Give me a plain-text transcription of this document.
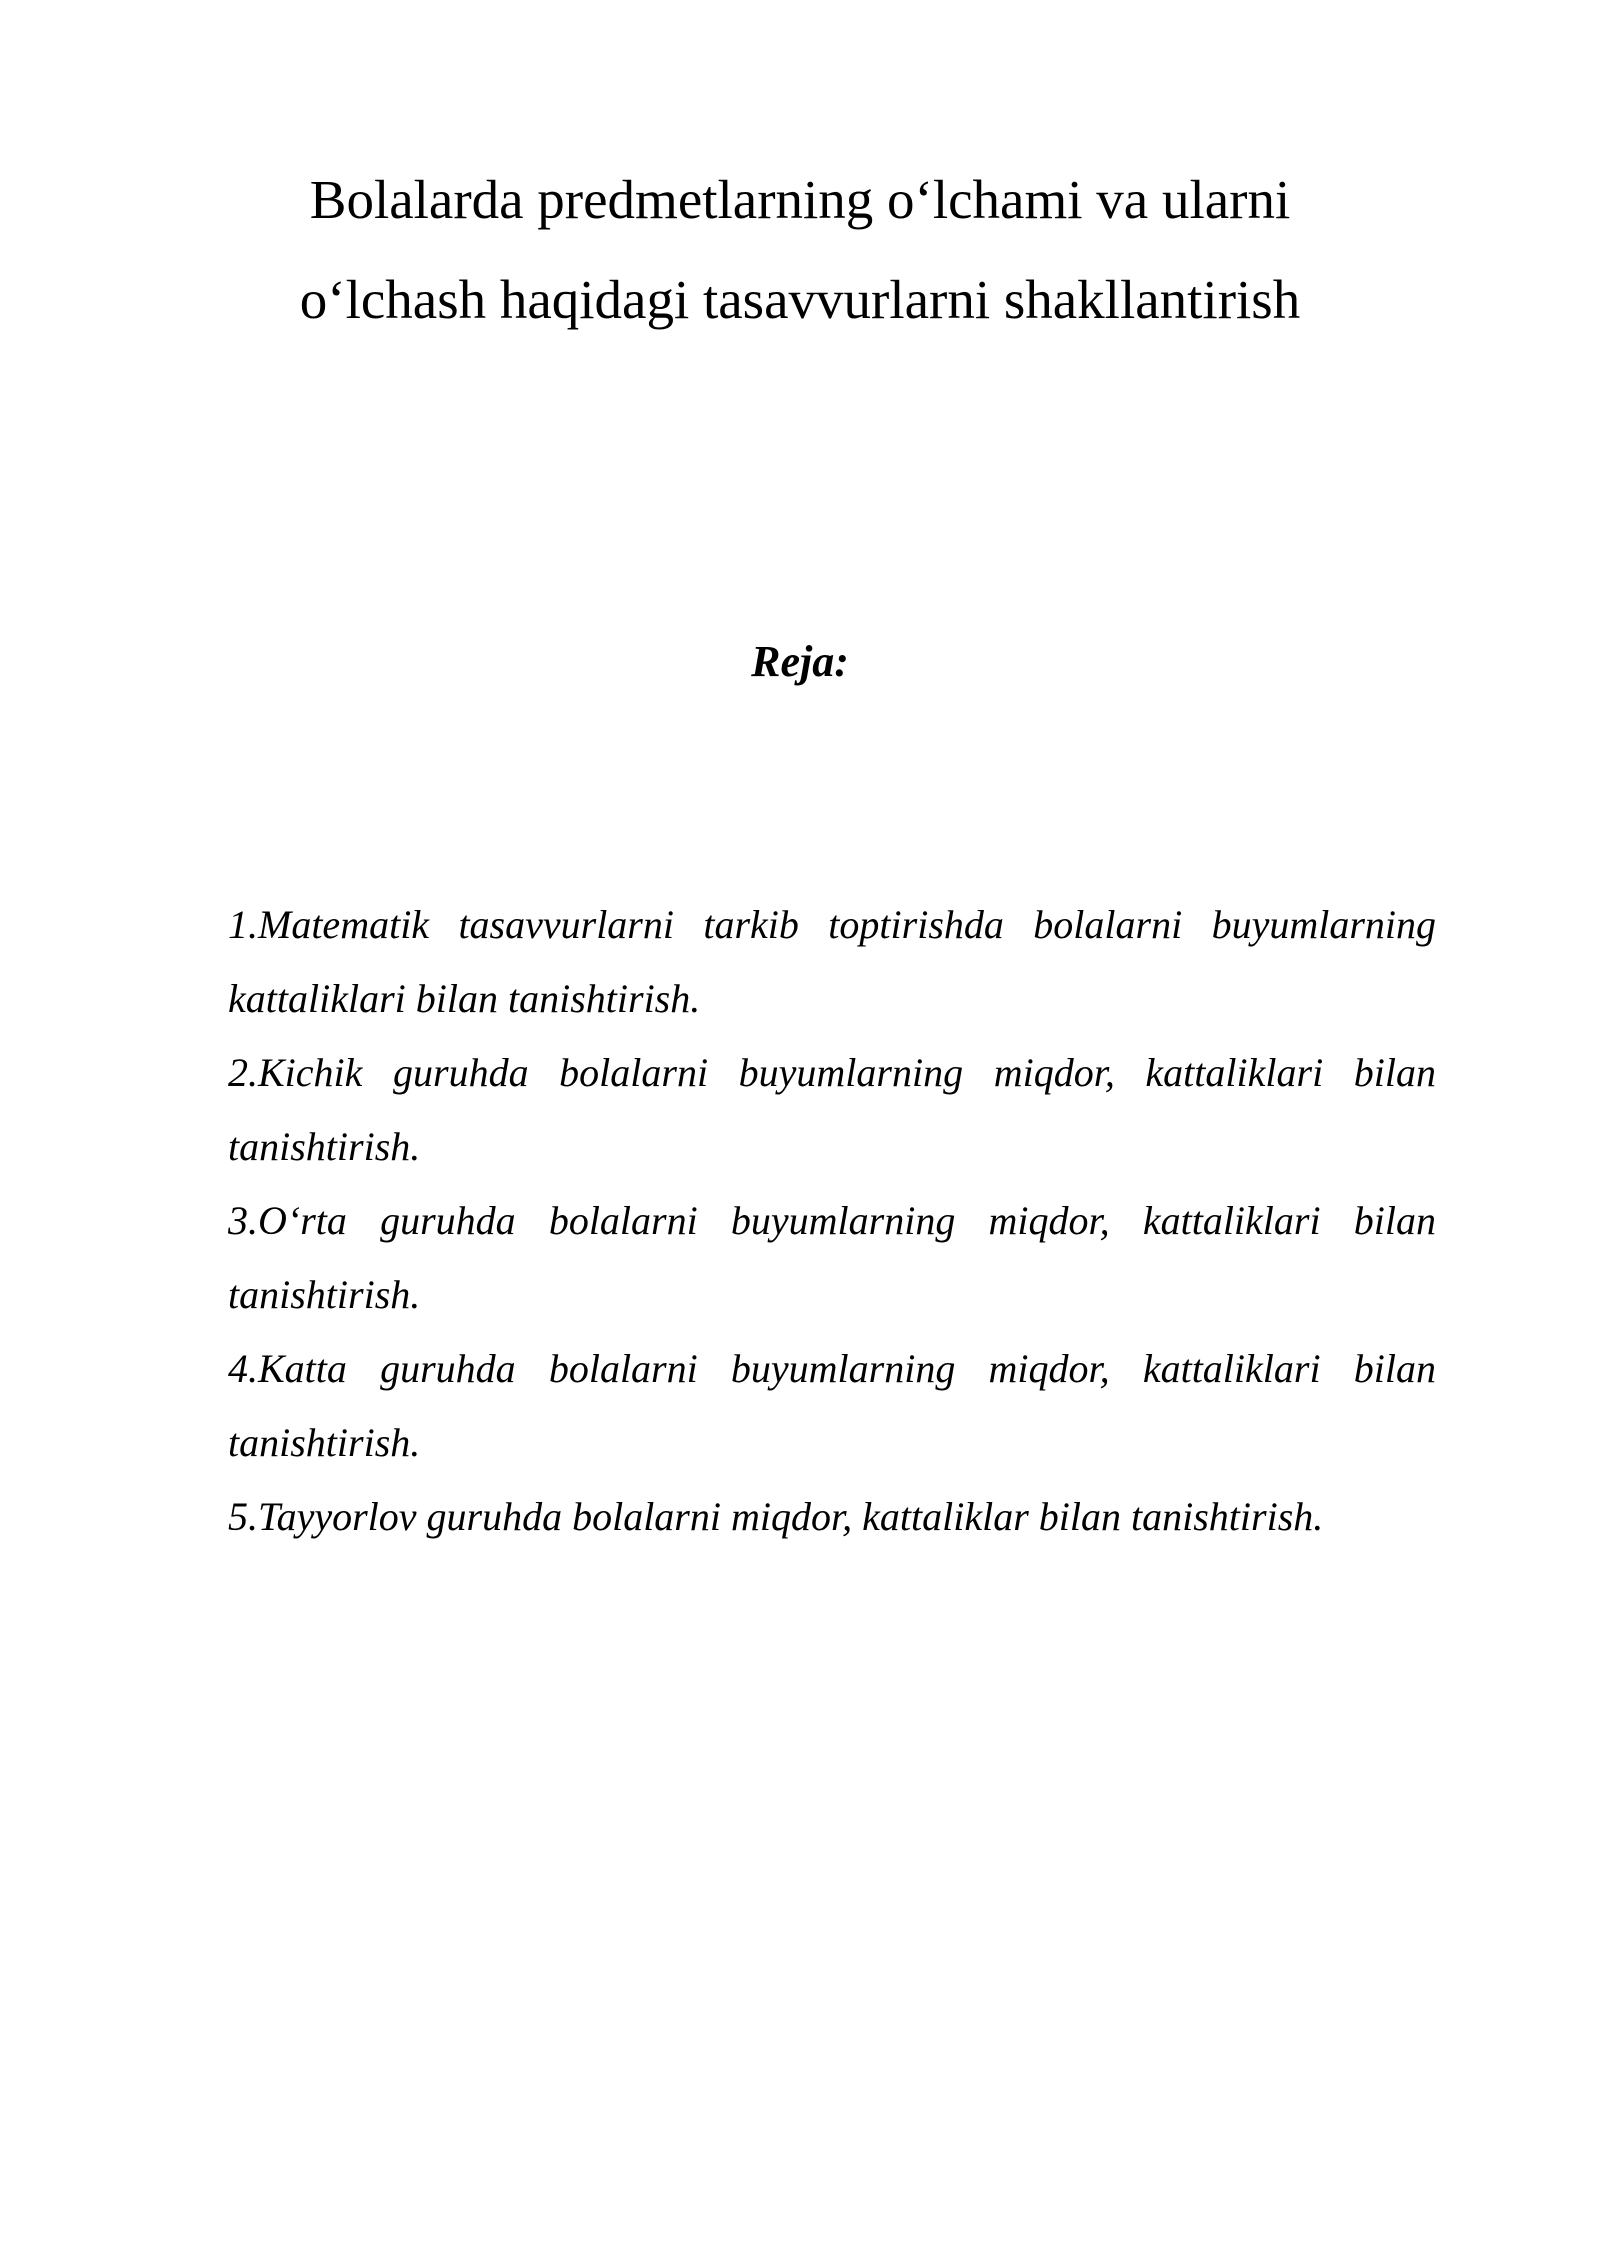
Bolalarda predmetlarning o‘lchami va ularni
o‘lchash haqidagi tasavvurlarni shakllantirish
Reja:
1.Matematik tasavvurlarni tarkib toptirishda bolalarni buyumlarning kattaliklari bilan tanishtirish.
2.Kichik guruhda bolalarni buyumlarning miqdor, kattaliklari bilan tanishtirish.
3.O‘rta guruhda bolalarni buyumlarning miqdor, kattaliklari bilan tanishtirish.
4.Katta guruhda bolalarni buyumlarning miqdor, kattaliklari bilan tanishtirish.
5.Tayyorlov guruhda bolalarni miqdor, kattaliklar bilan tanishtirish.
